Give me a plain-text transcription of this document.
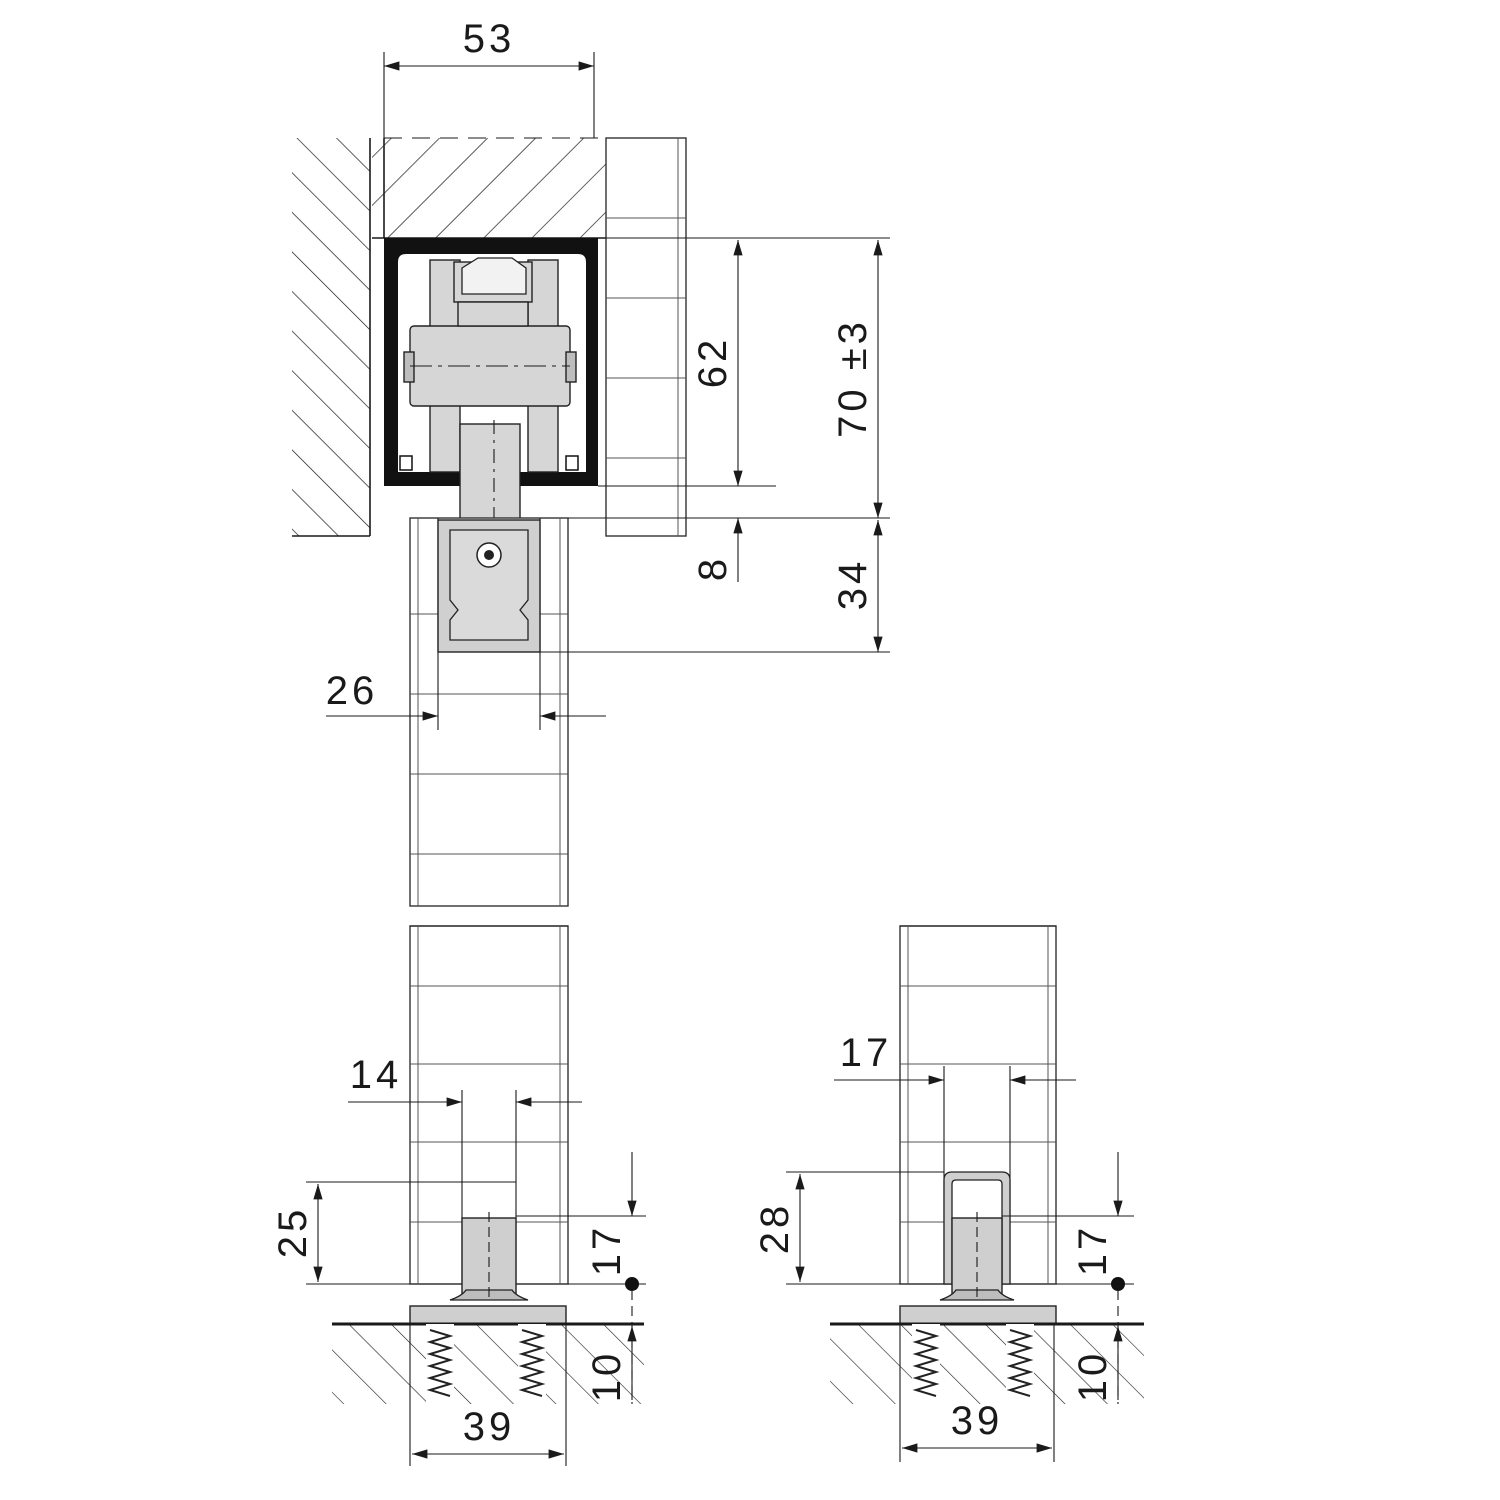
53
62 70 ±3
8 34
26
14
25	17
10
39
17
28	17
10
39
